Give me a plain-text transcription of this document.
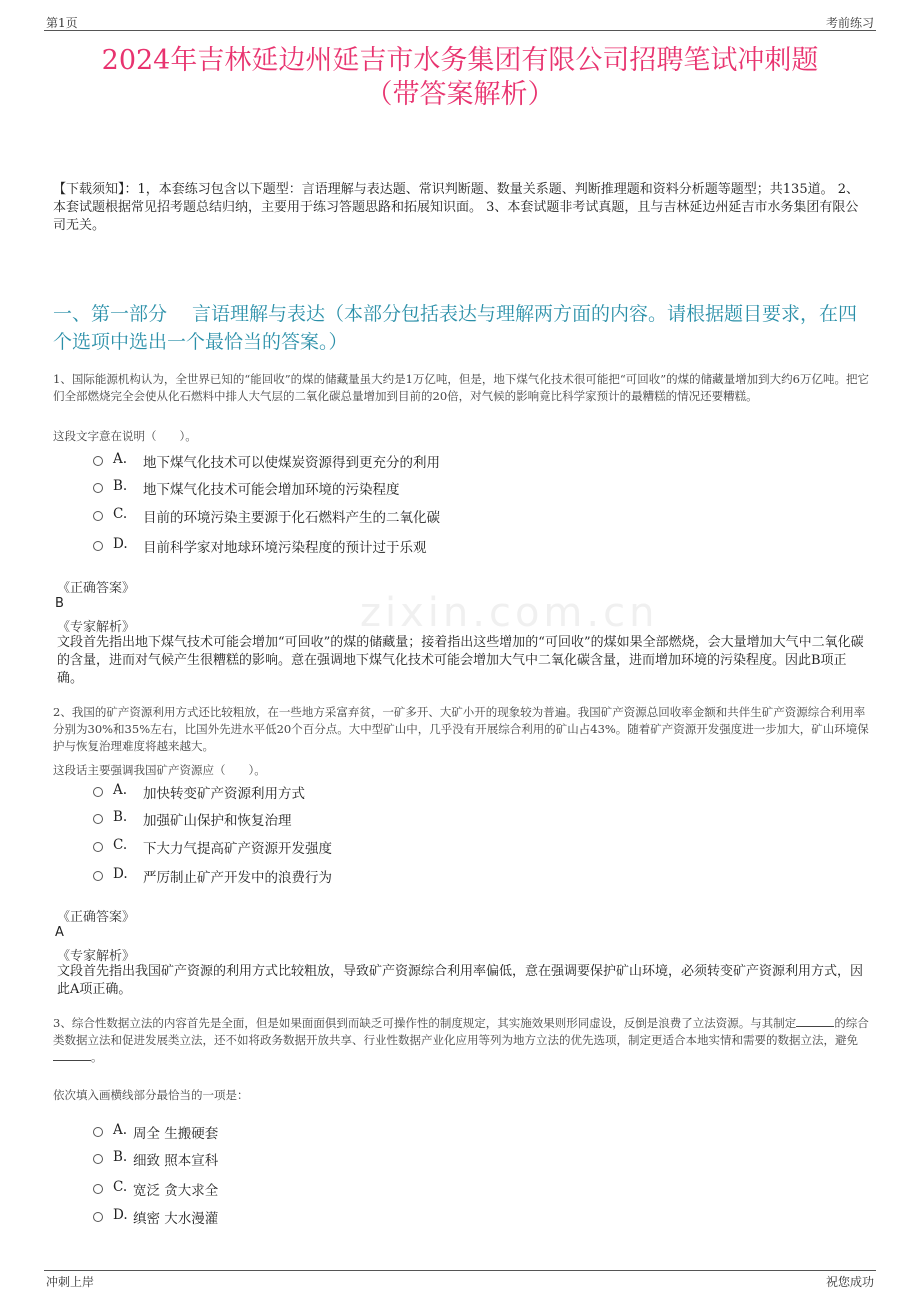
第1页	考前练习
zixin.com.cn
2024年吉林延边州延吉市水务集团有限公司招聘笔试冲刺题
（带答案解析）
【下载须知】：1，本套练习包含以下题型：言语理解与表达题、常识判断题、数量关系题、判断推理题和资料分析题等题型；共135道。 2、本套试题根据常见招考题总结归纳，主要用于练习答题思路和拓展知识面。 3、本套试题非考试真题，且与吉林延边州延吉市水务集团有限公司无关。
一、第一部分　 言语理解与表达（本部分包括表达与理解两方面的内容。请根据题目要求，在四个选项中选出一个最恰当的答案。）
1、国际能源机构认为，全世界已知的“能回收”的煤的储藏量虽大约是1万亿吨，但是，地下煤气化技术很可能把“可回收”的煤的储藏量增加到大约6万亿吨。把它们全部燃烧完全会使从化石燃料中排人大气层的二氧化碳总量增加到目前的20倍，对气候的影响竟比科学家预计的最糟糕的情况还要糟糕。
这段文字意在说明（　　）。
A. 地下煤气化技术可以使煤炭资源得到更充分的利用
B. 地下煤气化技术可能会增加环境的污染程度
C. 目前的环境污染主要源于化石燃料产生的二氧化碳
D. 目前科学家对地球环境污染程度的预计过于乐观
《正确答案》
B
《专家解析》
文段首先指出地下煤气技术可能会增加“可回收”的煤的储藏量；接着指出这些增加的“可回收”的煤如果全部燃烧，会大量增加大气中二氧化碳的含量，进而对气候产生很糟糕的影响。意在强调地下煤气化技术可能会增加大气中二氧化碳含量，进而增加环境的污染程度。因此B项正确。
2、我国的矿产资源利用方式还比较粗放，在一些地方采富弃贫，一矿多开、大矿小开的现象较为普遍。我国矿产资源总回收率金额和共伴生矿产资源综合利用率分别为30%和35%左右，比国外先进水平低20个百分点。大中型矿山中，几乎没有开展综合利用的矿山占43%。随着矿产资源开发强度进一步加大，矿山环境保护与恢复治理难度将越来越大。
这段话主要强调我国矿产资源应（　　）。
A. 加快转变矿产资源利用方式
B. 加强矿山保护和恢复治理
C. 下大力气提高矿产资源开发强度
D. 严厉制止矿产开发中的浪费行为
《正确答案》
A
《专家解析》
文段首先指出我国矿产资源的利用方式比较粗放，导致矿产资源综合利用率偏低，意在强调要保护矿山环境，必须转变矿产资源利用方式，因此A项正确。
3、综合性数据立法的内容首先是全面，但是如果面面俱到而缺乏可操作性的制度规定，其实施效果则形同虚设，反倒是浪费了立法资源。与其制定	的综合类数据立法和促进发展类立法，还不如将政务数据开放共享、行业性数据产业化应用等列为地方立法的优先选项，制定更适合本地实情和需要的数据立法，避免。
依次填入画横线部分最恰当的一项是：
A. 周全 生搬硬套
B. 细致 照本宣科
C. 宽泛 贪大求全
D. 缜密 大水漫灌
冲刺上岸	祝您成功
